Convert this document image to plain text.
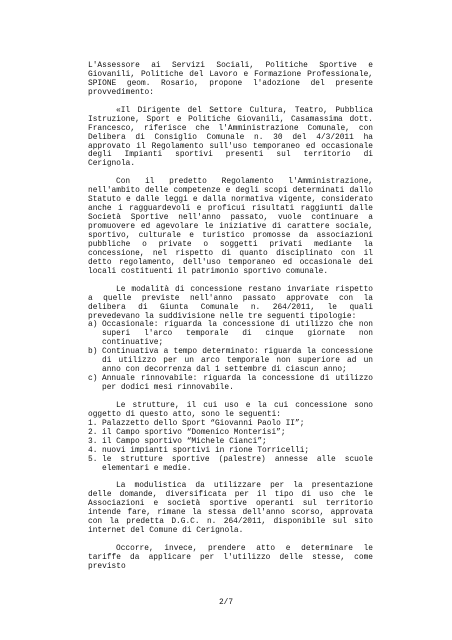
L'Assessore ai Servizi Sociali, Politiche Sportive e Giovanili, Politiche del Lavoro e Formazione Professionale, SPIONE geom. Rosario, propone l'adozione del presente provvedimento:

«Il Dirigente del Settore Cultura, Teatro, Pubblica Istruzione, Sport e Politiche Giovanili, Casamassima dott. Francesco, riferisce che l'Amministrazione Comunale, con Delibera di Consiglio Comunale n. 30 del 4/3/2011 ha approvato il Regolamento sull'uso temporaneo ed occasionale degli Impianti sportivi presenti sul territorio di Cerignola.

Con il predetto Regolamento l'Amministrazione, nell'ambito delle competenze e degli scopi determinati dallo Statuto e dalle leggi e dalla normativa vigente, considerato anche i ragguardevoli e proficui risultati raggiunti dalle Società Sportive nell'anno passato, vuole continuare a promuovere ed agevolare le iniziative di carattere sociale, sportivo, culturale e turistico promosse da associazioni pubbliche o private o soggetti privati mediante la concessione, nel rispetto di quanto disciplinato con il detto regolamento, dell'uso temporaneo ed occasionale dei locali costituenti il patrimonio sportivo comunale.

Le modalità di concessione restano invariate rispetto a quelle previste nell'anno passato approvate con la delibera di Giunta Comunale n. 264/2011, le quali prevedevano la suddivisione nelle tre seguenti tipologie:

a) Occasionale: riguarda la concessione di utilizzo che non superi l'arco temporale di cinque giornate non continuative;
b) Continuativa a tempo determinato: riguarda la concessione di utilizzo per un arco temporale non superiore ad un anno con decorrenza dal 1 settembre di ciascun anno;
c) Annuale rinnovabile: riguarda la concessione di utilizzo per dodici mesi rinnovabile.

Le strutture, il cui uso e la cui concessione sono oggetto di questo atto, sono le seguenti:

1. Palazzetto dello Sport “Giovanni Paolo II”;
2. il Campo sportivo “Domenico Monterisi”;
3. il Campo sportivo “Michele Cianci”;
4. nuovi impianti sportivi in rione Torricelli;
5. le strutture sportive (palestre) annesse alle scuole elementari e medie.

La modulistica da utilizzare per la presentazione delle domande, diversificata per il tipo di uso che le Associazioni e società sportive operanti sul territorio intende fare, rimane la stessa dell'anno scorso, approvata con la predetta D.G.C. n. 264/2011, disponibile sul sito internet del Comune di Cerignola.

Occorre, invece, prendere atto e determinare le tariffe da applicare per l'utilizzo delle stesse, come previsto

2/7
